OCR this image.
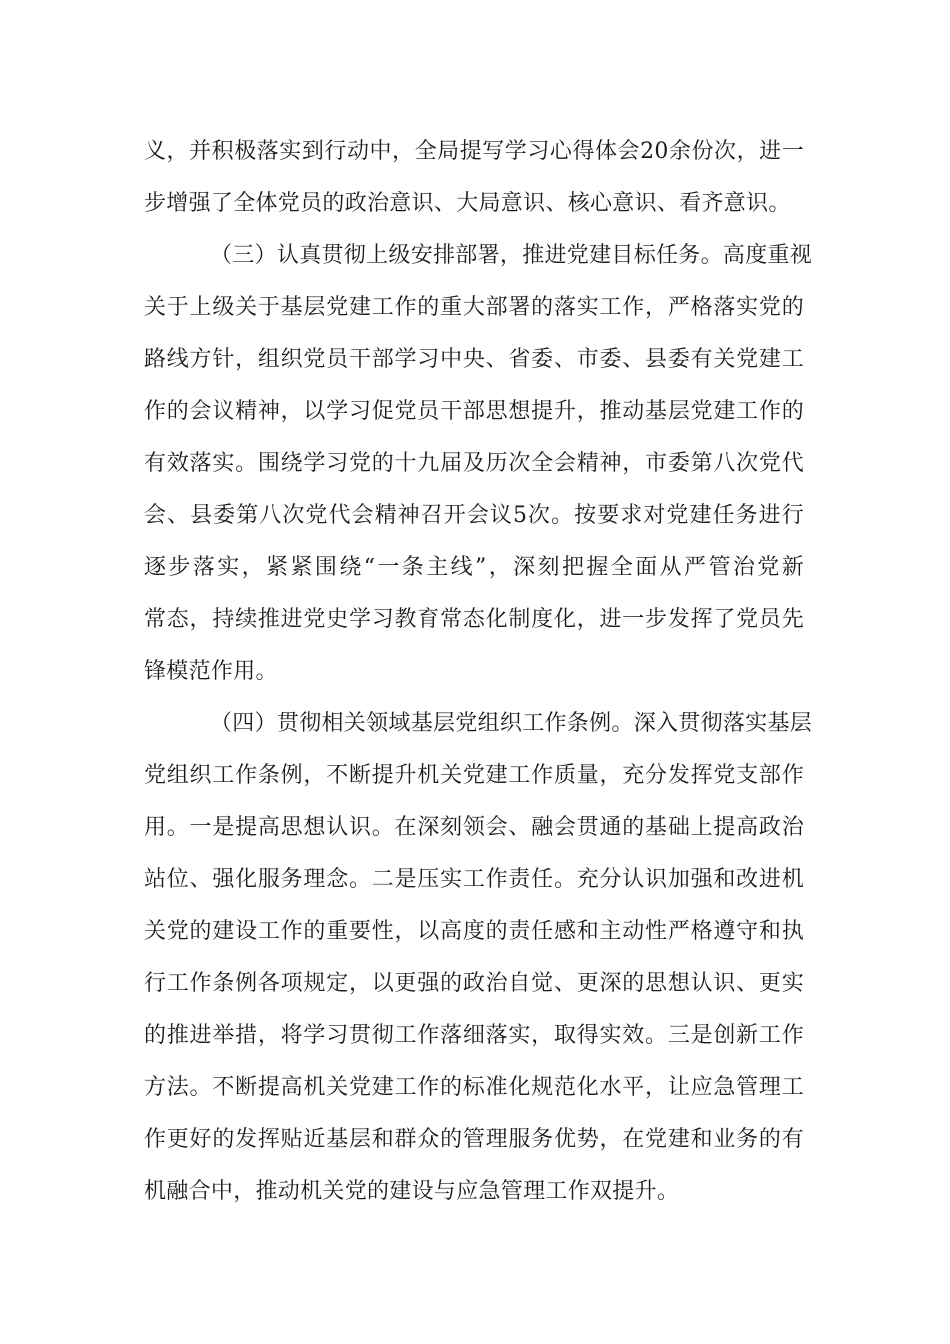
义，并积极落实到行动中，全局提写学习心得体会20余份次，进一
步增强了全体党员的政治意识、大局意识、核心意识、看齐意识。
（三）认真贯彻上级安排部署，推进党建目标任务。高度重视
关于上级关于基层党建工作的重大部署的落实工作，严格落实党的
路线方针，组织党员干部学习中央、省委、市委、县委有关党建工
作的会议精神，以学习促党员干部思想提升，推动基层党建工作的
有效落实。围绕学习党的十九届及历次全会精神，市委第八次党代
会、县委第八次党代会精神召开会议5次。按要求对党建任务进行
逐步落实，紧紧围绕“一条主线”，深刻把握全面从严管治党新
常态，持续推进党史学习教育常态化制度化，进一步发挥了党员先
锋模范作用。
（四）贯彻相关领域基层党组织工作条例。深入贯彻落实基层
党组织工作条例，不断提升机关党建工作质量，充分发挥党支部作
用。一是提高思想认识。在深刻领会、融会贯通的基础上提高政治
站位、强化服务理念。二是压实工作责任。充分认识加强和改进机
关党的建设工作的重要性，以高度的责任感和主动性严格遵守和执
行工作条例各项规定，以更强的政治自觉、更深的思想认识、更实
的推进举措，将学习贯彻工作落细落实，取得实效。三是创新工作
方法。不断提高机关党建工作的标准化规范化水平，让应急管理工
作更好的发挥贴近基层和群众的管理服务优势，在党建和业务的有
机融合中，推动机关党的建设与应急管理工作双提升。
